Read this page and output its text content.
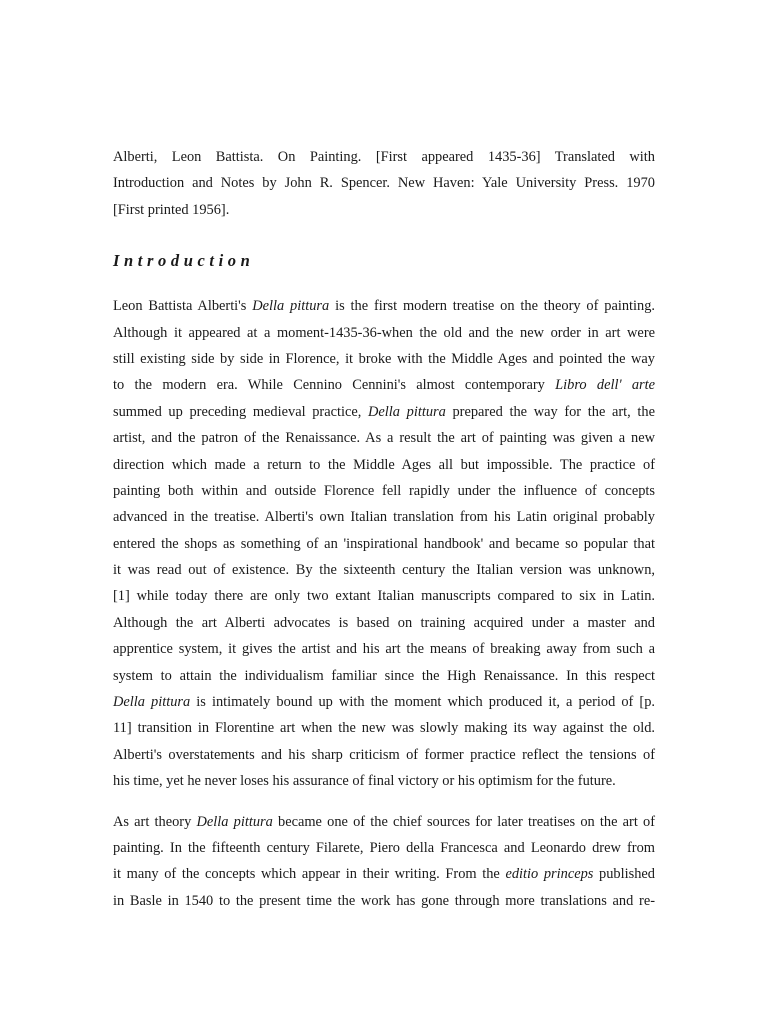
Alberti, Leon Battista. On Painting. [First appeared 1435-36] Translated with
Introduction and Notes by John R. Spencer. New Haven: Yale University Press. 1970
[First printed 1956].
Introduction
Leon Battista Alberti's Della pittura is the first modern treatise on the theory of painting.
Although it appeared at a moment-1435-36-when the old and the new order in art were
still existing side by side in Florence, it broke with the Middle Ages and pointed the way
to the modern era. While Cennino Cennini's almost contemporary Libro dell' arte
summed up preceding medieval practice, Della pittura prepared the way for the art, the
artist, and the patron of the Renaissance. As a result the art of painting was given a new
direction which made a return to the Middle Ages all but impossible. The practice of
painting both within and outside Florence fell rapidly under the influence of concepts
advanced in the treatise. Alberti's own Italian translation from his Latin original probably
entered the shops as something of an 'inspirational handbook' and became so popular that
it was read out of existence. By the sixteenth century the Italian version was unknown,
[1] while today there are only two extant Italian manuscripts compared to six in Latin.
Although the art Alberti advocates is based on training acquired under a master and
apprentice system, it gives the artist and his art the means of breaking away from such a
system to attain the individualism familiar since the High Renaissance. In this respect
Della pittura is intimately bound up with the moment which produced it, a period of [p.
11] transition in Florentine art when the new was slowly making its way against the old.
Alberti's overstatements and his sharp criticism of former practice reflect the tensions of
his time, yet he never loses his assurance of final victory or his optimism for the future.
As art theory Della pittura became one of the chief sources for later treatises on the art of
painting. In the fifteenth century Filarete, Piero della Francesca and Leonardo drew from
it many of the concepts which appear in their writing. From the editio princeps published
in Basle in 1540 to the present time the work has gone through more translations and re-
